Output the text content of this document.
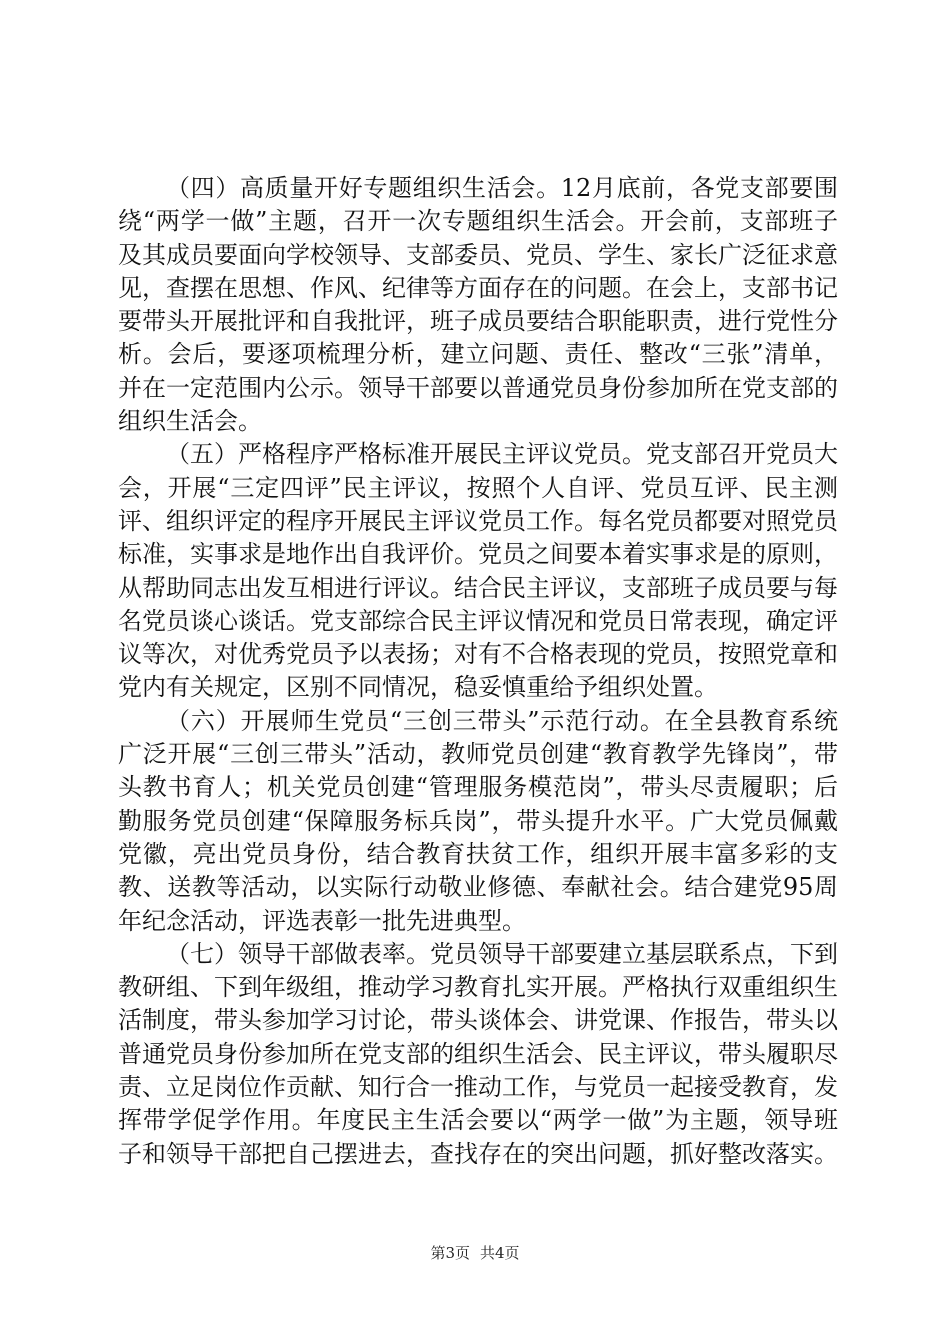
（四）高质量开好专题组织生活会。12月底前，各党支部要围绕“两学一做”主题，召开一次专题组织生活会。开会前，支部班子及其成员要面向学校领导、支部委员、党员、学生、家长广泛征求意见，查摆在思想、作风、纪律等方面存在的问题。在会上，支部书记要带头开展批评和自我批评，班子成员要结合职能职责，进行党性分析。会后，要逐项梳理分析，建立问题、责任、整改“三张”清单，并在一定范围内公示。领导干部要以普通党员身份参加所在党支部的组织生活会。

（五）严格程序严格标准开展民主评议党员。党支部召开党员大会，开展“三定四评”民主评议，按照个人自评、党员互评、民主测评、组织评定的程序开展民主评议党员工作。每名党员都要对照党员标准，实事求是地作出自我评价。党员之间要本着实事求是的原则，从帮助同志出发互相进行评议。结合民主评议，支部班子成员要与每名党员谈心谈话。党支部综合民主评议情况和党员日常表现，确定评议等次，对优秀党员予以表扬；对有不合格表现的党员，按照党章和党内有关规定，区别不同情况，稳妥慎重给予组织处置。

（六）开展师生党员“三创三带头”示范行动。在全县教育系统广泛开展“三创三带头”活动，教师党员创建“教育教学先锋岗”，带头教书育人；机关党员创建“管理服务模范岗”，带头尽责履职；后勤服务党员创建“保障服务标兵岗”，带头提升水平。广大党员佩戴党徽，亮出党员身份，结合教育扶贫工作，组织开展丰富多彩的支教、送教等活动，以实际行动敬业修德、奉献社会。结合建党95周年纪念活动，评选表彰一批先进典型。

（七）领导干部做表率。党员领导干部要建立基层联系点，下到教研组、下到年级组，推动学习教育扎实开展。严格执行双重组织生活制度，带头参加学习讨论，带头谈体会、讲党课、作报告，带头以普通党员身份参加所在党支部的组织生活会、民主评议，带头履职尽责、立足岗位作贡献、知行合一推动工作，与党员一起接受教育，发挥带学促学作用。年度民主生活会要以“两学一做”为主题，领导班子和领导干部把自己摆进去，查找存在的突出问题，抓好整改落实。

第3页 共4页
